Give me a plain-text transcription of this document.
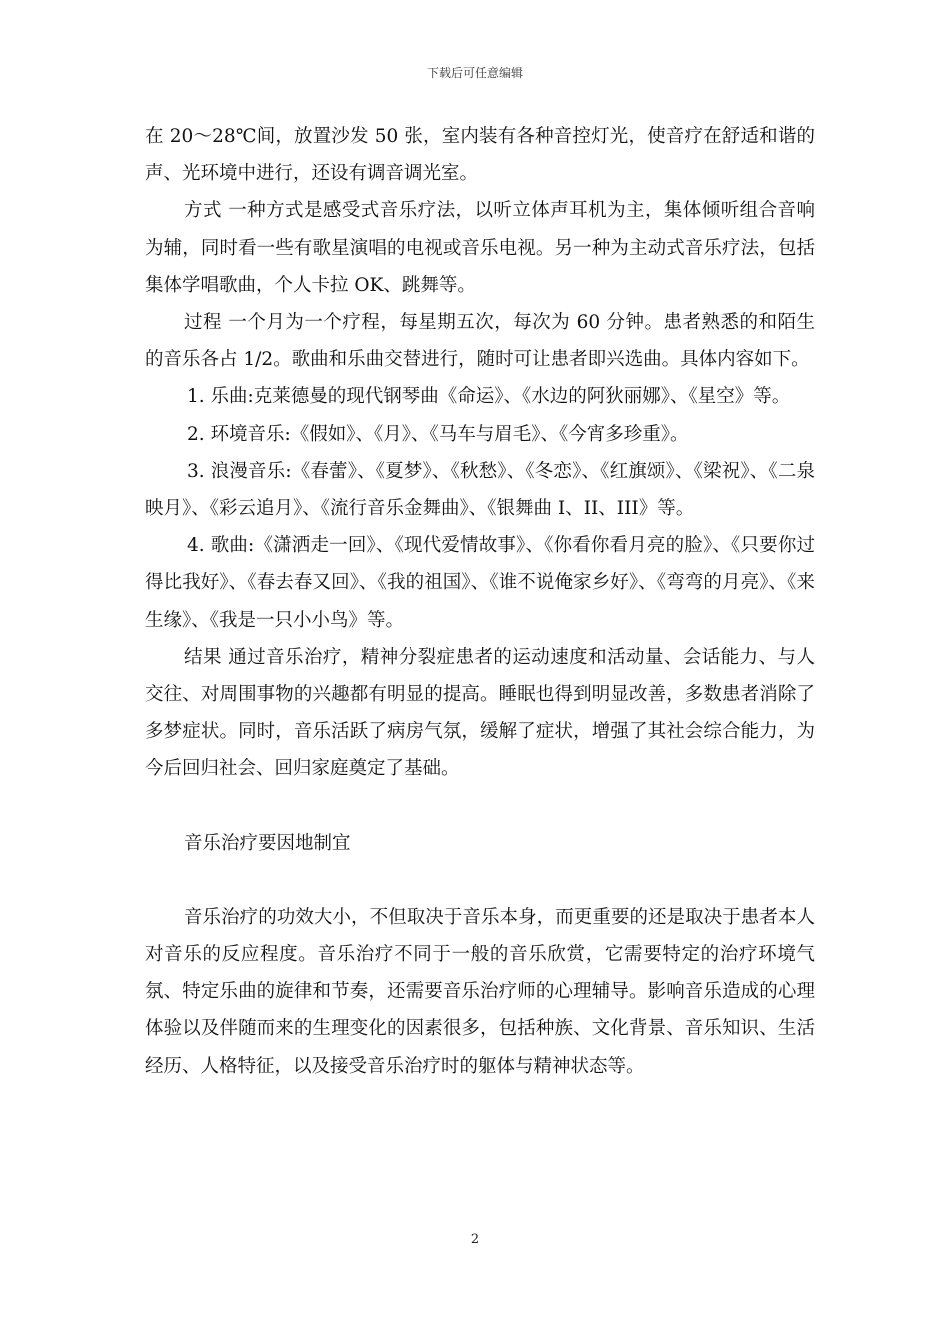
下载后可任意编辑

在 20～28℃间，放置沙发 50 张，室内装有各种音控灯光，使音疗在舒适和谐的声、光环境中进行，还设有调音调光室。

方式 一种方式是感受式音乐疗法，以听立体声耳机为主，集体倾听组合音响为辅，同时看一些有歌星演唱的电视或音乐电视。另一种为主动式音乐疗法，包括集体学唱歌曲，个人卡拉 OK、跳舞等。

过程 一个月为一个疗程，每星期五次，每次为 60 分钟。患者熟悉的和陌生的音乐各占 1/2。歌曲和乐曲交替进行，随时可让患者即兴选曲。具体内容如下。

1. 乐曲:克莱德曼的现代钢琴曲《命运》、《水边的阿狄丽娜》、《星空》等。

2. 环境音乐:《假如》、《月》、《马车与眉毛》、《今宵多珍重》。

3. 浪漫音乐:《春蕾》、《夏梦》、《秋愁》、《冬恋》、《红旗颂》、《梁祝》、《二泉映月》、《彩云追月》、《流行音乐金舞曲》、《银舞曲 I、II、III》等。

4. 歌曲:《潇洒走一回》、《现代爱情故事》、《你看你看月亮的脸》、《只要你过得比我好》、《春去春又回》、《我的祖国》、《谁不说俺家乡好》、《弯弯的月亮》、《来生缘》、《我是一只小小鸟》等。

结果 通过音乐治疗，精神分裂症患者的运动速度和活动量、会话能力、与人交往、对周围事物的兴趣都有明显的提高。睡眠也得到明显改善，多数患者消除了多梦症状。同时，音乐活跃了病房气氛，缓解了症状，增强了其社会综合能力，为今后回归社会、回归家庭奠定了基础。

音乐治疗要因地制宜

音乐治疗的功效大小，不但取决于音乐本身，而更重要的还是取决于患者本人对音乐的反应程度。音乐治疗不同于一般的音乐欣赏，它需要特定的治疗环境气氛、特定乐曲的旋律和节奏，还需要音乐治疗师的心理辅导。影响音乐造成的心理体验以及伴随而来的生理变化的因素很多，包括种族、文化背景、音乐知识、生活经历、人格特征，以及接受音乐治疗时的躯体与精神状态等。

2
